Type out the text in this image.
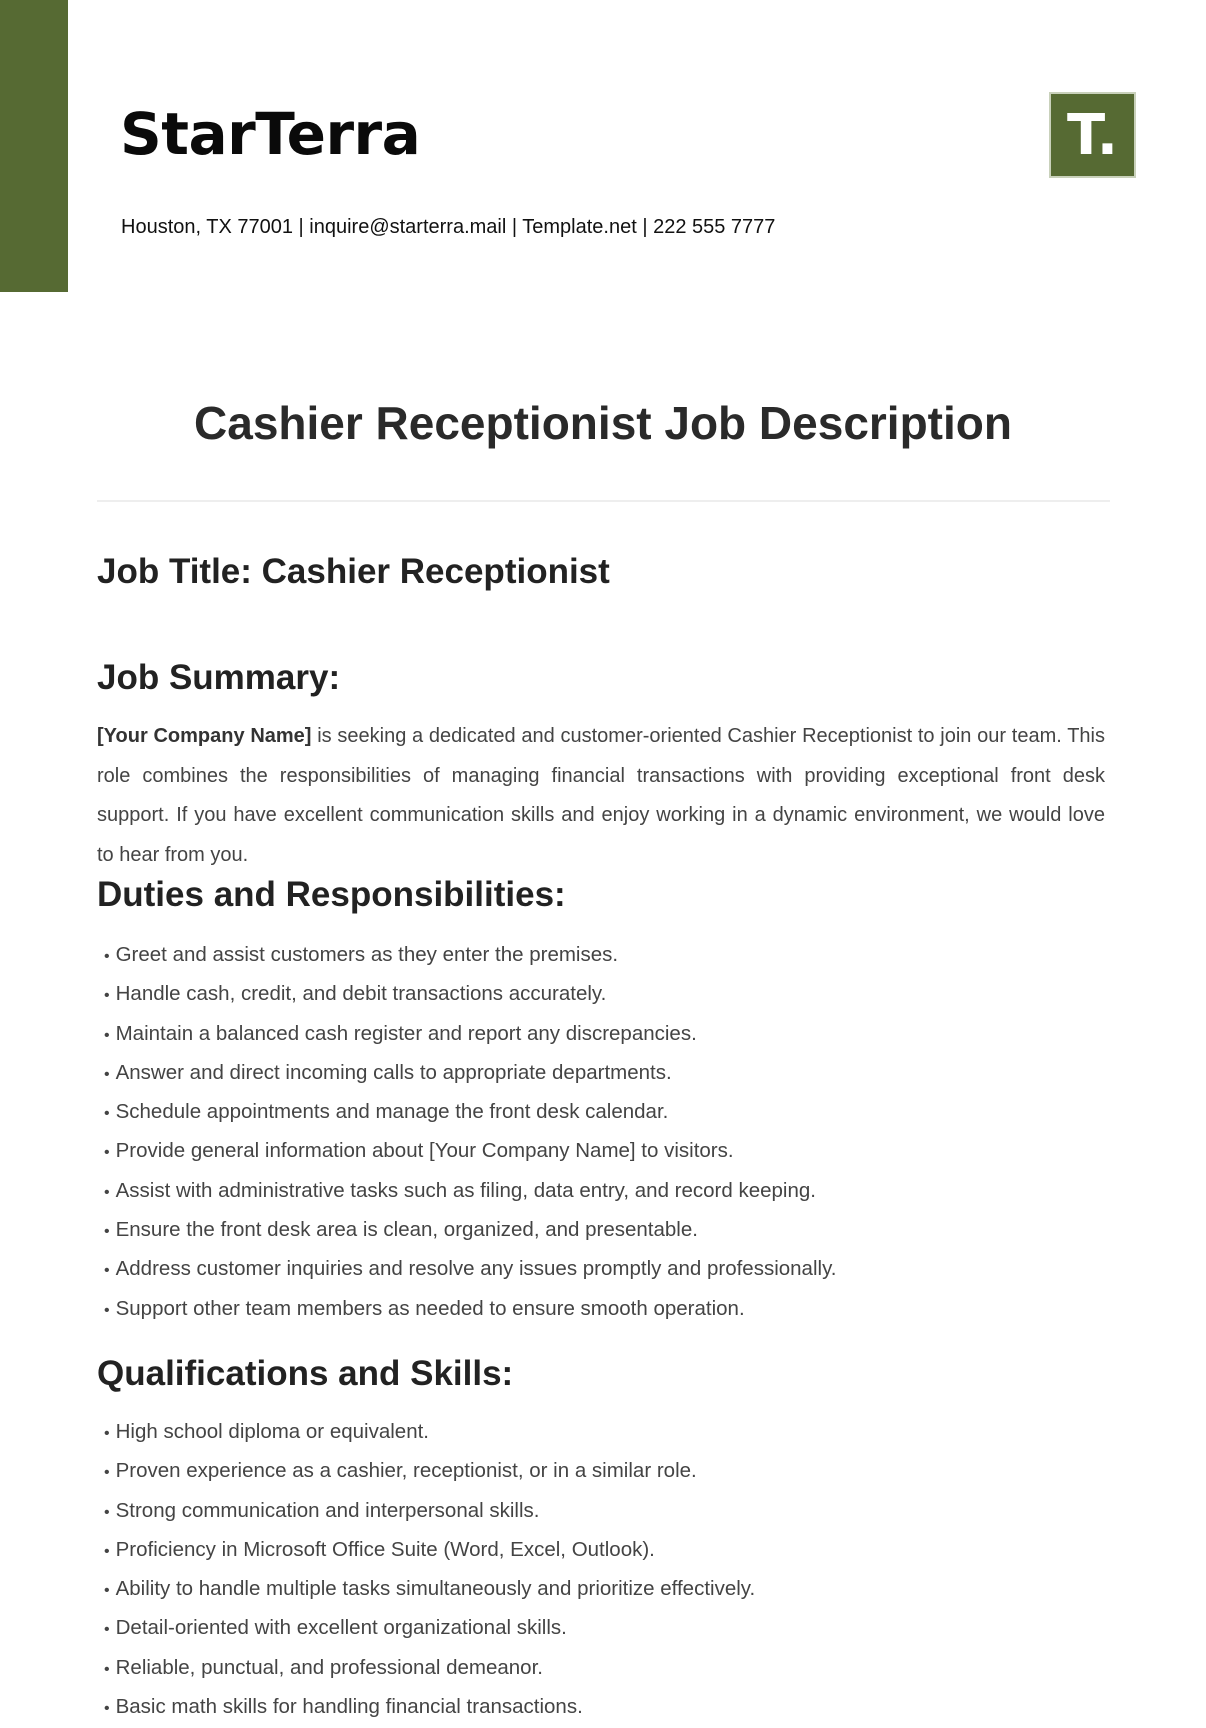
StarTerra
Houston, TX 77001 | inquire@starterra.mail | Template.net | 222 555 7777
T.
Cashier Receptionist Job Description
Job Title: Cashier Receptionist
Job Summary:

[Your Company Name] is seeking a dedicated and customer-oriented Cashier Receptionist to join our team. This role combines the responsibilities of managing financial transactions with providing exceptional front desk support. If you have excellent communication skills and enjoy working in a dynamic environment, we would love to hear from you.

Duties and Responsibilities:
• Greet and assist customers as they enter the premises.
• Handle cash, credit, and debit transactions accurately.
• Maintain a balanced cash register and report any discrepancies.
• Answer and direct incoming calls to appropriate departments.
• Schedule appointments and manage the front desk calendar.
• Provide general information about [Your Company Name] to visitors.
• Assist with administrative tasks such as filing, data entry, and record keeping.
• Ensure the front desk area is clean, organized, and presentable.
• Address customer inquiries and resolve any issues promptly and professionally.
• Support other team members as needed to ensure smooth operation.
Qualifications and Skills:
• High school diploma or equivalent.
• Proven experience as a cashier, receptionist, or in a similar role.
• Strong communication and interpersonal skills.
• Proficiency in Microsoft Office Suite (Word, Excel, Outlook).
• Ability to handle multiple tasks simultaneously and prioritize effectively.
• Detail-oriented with excellent organizational skills.
• Reliable, punctual, and professional demeanor.
• Basic math skills for handling financial transactions.
